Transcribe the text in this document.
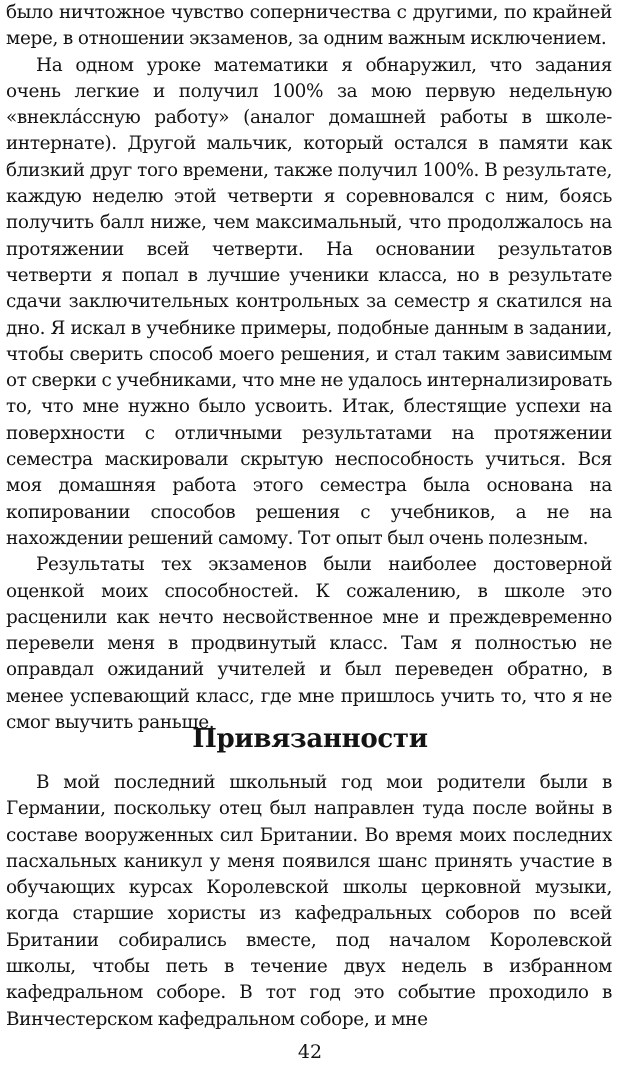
было ничтожное чувство соперничества с другими, по крайней мере, в отношении экзаменов, за одним важным исключением.

На одном уроке математики я обнаружил, что задания очень легкие и получил 100% за мою первую недельную «внеклáссную работу» (аналог домашней работы в школе-интернате). Другой мальчик, который остался в памяти как близкий друг того времени, также получил 100%. В результате, каждую неделю этой четверти я соревновался с ним, боясь получить балл ниже, чем максимальный, что продолжалось на протяжении всей четверти. На основании результатов четверти я попал в лучшие ученики класса, но в результате сдачи заключительных контрольных за семестр я скатился на дно. Я искал в учебнике примеры, подобные данным в задании, чтобы сверить способ моего решения, и стал таким зависимым от сверки с учебниками, что мне не удалось интернализировать то, что мне нужно было усвоить. Итак, блестящие успехи на поверхности с отличными результатами на протяжении семестра маскировали скрытую неспособность учиться. Вся моя домашняя работа этого семестра была основана на копировании способов решения с учебников, а не на нахождении решений самому. Тот опыт был очень полезным.

Результаты тех экзаменов были наиболее достоверной оценкой моих способностей. К сожалению, в школе это расценили как нечто несвойственное мне и преждевременно перевели меня в продвинутый класс. Там я полностью не оправдал ожиданий учителей и был переведен обратно, в менее успевающий класс, где мне пришлось учить то, что я не смог выучить раньше.

Привязанности

В мой последний школьный год мои родители были в Германии, поскольку отец был направлен туда после войны в составе вооруженных сил Британии. Во время моих последних пасхальных каникул у меня появился шанс принять участие в обучающих курсах Королевской школы церковной музыки, когда старшие хористы из кафедральных соборов по всей Британии собирались вместе, под началом Королевской школы, чтобы петь в течение двух недель в избранном кафедральном соборе. В тот год это событие проходило в Винчестерском кафедральном соборе, и мне

42
